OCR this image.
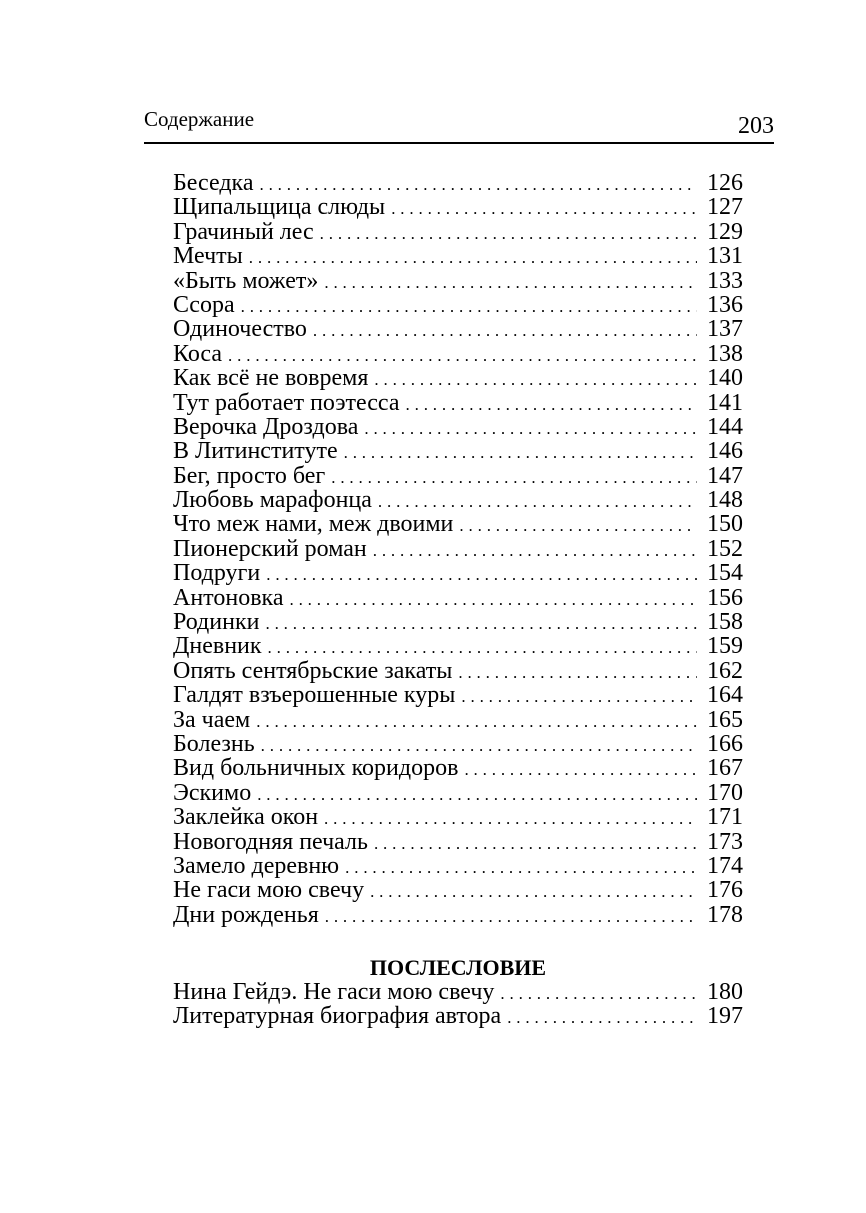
Содержание	203
Беседка . . .	126
Щипальщица слюды . . .	127
Грачиный лес . . .	129
Мечты . . .	131
«Быть может» . . .	133
Ссора . . .	136
Одиночество . . .	137
Коса . . .	138
Как всё не вовремя . . .	140
Тут работает поэтесса . . .	141
Верочка Дроздова . . .	144
В Литинституте . . .	146
Бег, просто бег . . .	147
Любовь марафонца . . .	148
Что меж нами, меж двоими . . .	150
Пионерский роман . . .	152
Подруги . . .	154
Антоновка . . .	156
Родинки . . .	158
Дневник . . .	159
Опять сентябрьские закаты . . .	162
Галдят взъерошенные куры . . .	164
За чаем . . .	165
Болезнь . . .	166
Вид больничных коридоров . . .	167
Эскимо . . .	170
Заклейка окон . . .	171
Новогодняя печаль . . .	173
Замело деревню . . .	174
Не гаси мою свечу . . .	176
Дни рожденья . . .	178
ПОСЛЕСЛОВИЕ
Нина Гейдэ. Не гаси мою свечу . . .	180
Литературная биография автора . . .	197
